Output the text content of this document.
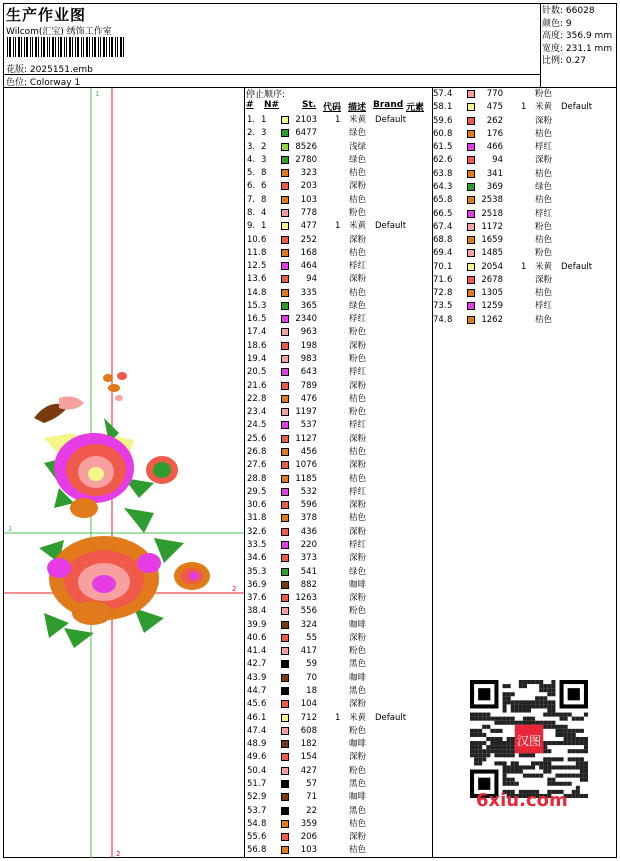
生产作业图
Wilcom(汇宝) 绣饰工作室
花版: 2025151.emb
色位: Colorway 1
针数: 66028
颜色: 9
高度: 356.9 mm
宽度: 231.1 mm
比例: 0.27
1
2
1
2
停止顺序:
# N#	St. 代码 描述 Brand 元素
1. 1	2103 1 米黄 Default
2. 3	6477	绿色
3. 2	8526	浅绿
4. 3	2780	绿色
5. 8	323	桔色
6. 6	203	深粉
7. 8	103	桔色
8. 4	778	粉色
9. 1	477 1 米黄 Default
10. 6	252	深粉
11. 8	168	桔色
12. 5	464	桴红
13. 6	94	深粉
14. 8	335	桔色
15. 3	365	绿色
16. 5	2340	桴红
17. 4	963	粉色
18. 6	198	深粉
19. 4	983	粉色
20. 5	643	桴红
21. 6	789	深粉
22. 8	476	桔色
23. 4	1197	粉色
24. 5	537	桴红
25. 6	1127	深粉
26. 8	456	桔色
27. 6	1076	深粉
28. 8	1185	桔色
29. 5	532	桴红
30. 6	596	深粉
31. 8	378	桔色
32. 6	436	深粉
33. 5	220	桴红
34. 6	373	深粉
35. 3	541	绿色
36. 9	882	咖啡
37. 6	1263	深粉
38. 4	556	粉色
39. 9	324	咖啡
40. 6	55	深粉
41. 4	417	粉色
42. 7	59	黑色
43. 9	70	咖啡
44. 7	18	黑色
45. 6	104	深粉
46. 1	712 1 米黄 Default
47. 4	608	粉色
48. 9	182	咖啡
49. 6	154	深粉
50. 4	427	粉色
51. 7	57	黑色
52. 9	71	咖啡
53. 7	22	黑色
54. 8	359	桔色
55. 6	206	深粉
56. 8	103	桔色
57. 4	770	粉色
58. 1	475 1 米黄 Default
59. 6	262	深粉
60. 8	176	桔色
61. 5	466	桴红
62. 6	94	深粉
63. 8	341	桔色
64. 3	369	绿色
65. 8	2538	桔色
66. 5	2518	桴红
67. 4	1172	粉色
68. 8	1659	桔色
69. 4	1485	粉色
70. 1	2054 1 米黄 Default
71. 6	2678	深粉
72. 8	1305	桔色
73. 5	1259	桴红
74. 8	1262	桔色
汉图
6xiu.com
